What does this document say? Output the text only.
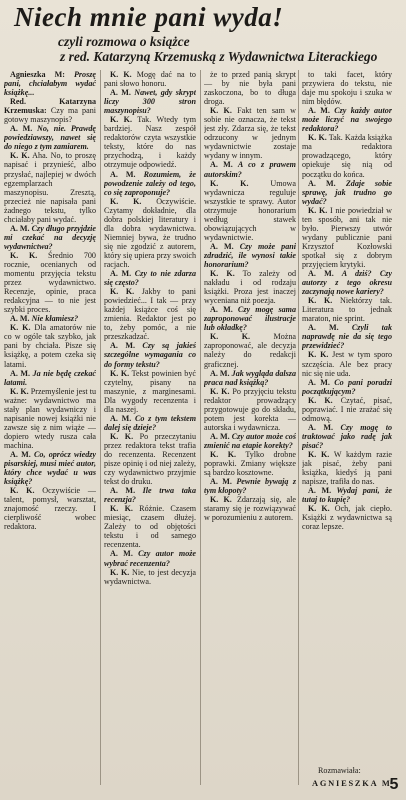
Niech mnie pani wyda!
czyli rozmowa o książce
z red. Katarzyną Krzemuską z Wydawnictwa Literackiego

Agnieszka M: Proszę pani, chciałabym wydać książkę...

Red. Katarzyna Krzemuska: Czy ma pani gotowy maszynopis?

A. M. No, nie. Prawdę powiedziawszy, nawet się do niego z tym zamiarem.

K. K. Aha. No, to proszę napisać i przynieść, albo przysłać, najlepiej w dwóch egzemplarzach maszynopisu. Zresztą, przecież nie napisała pani żadnego tekstu, tylko chciałaby pani wydać.

A. M. Czy długo przyjdzie mi czekać na decyzję wydawnictwa?

K. K. Średnio 700 rocznie, ocenianych od momentu przyjęcia tekstu przez wydawnictwo. Recenzje, opinie, praca redakcyjna — to nie jest szybki proces.

A. M. Nie kłamiesz?

K. K. Dla amatorów nie co w ogóle tak szybko, jak pani by chciała. Pisze się książkę, a potem czeka się latami.

A. M. Ja nie będę czekać latami.

K. K. Przemyślenie jest tu ważne: wydawnictwo ma stały plan wydawniczy i napisanie nowej książki nie zawsze się z nim wiąże — dopiero wtedy rusza cała machina.

A. M. Co, oprócz wiedzy pisarskiej, musi mieć autor, który chce wydać u was książkę?

K. K. Oczywiście — talent, pomysł, warsztat, znajomość rzeczy. I cierpliwość wobec redaktora.

K. K. Mogę dać na to pani słowo honoru.

A. M. Nawet, gdy skrypt liczy 300 stron maszynopisu?

K. K. Tak. Wtedy tym bardziej. Nasz zespół redaktorów czyta wszystkie teksty, które do nas przychodzą, i każdy otrzymuje odpowiedź.

A. M. Rozumiem, że powodzenie zależy od tego, co się zaproponuje?

K. K. Oczywiście. Czytamy dokładnie, dla dobra polskiej literatury i dla dobra wydawnictwa. Niemniej bywa, że trudno się nie zgodzić z autorem, który się upiera przy swoich racjach.

A. M. Czy to nie zdarza się często?

K. K. Jakby to pani powiedzieć... I tak — przy każdej książce coś się zmienia. Redaktor jest po to, żeby pomóc, a nie przeszkadzać.

A. M. Czy są jakieś szczególne wymagania co do formy tekstu?

K. K. Tekst powinien być czytelny, pisany na maszynie, z marginesami. Dla wygody recenzenta i dla naszej.

A. M. Co z tym tekstem dalej się dzieje?

K. K. Po przeczytaniu przez redaktora tekst trafia do recenzenta. Recenzent pisze opinię i od niej zależy, czy wydawnictwo przyjmie tekst do druku.

A. M. Ile trwa taka recenzja?

K. K. Różnie. Czasem miesiąc, czasem dłużej. Zależy to od objętości tekstu i od samego recenzenta.

A. M. Czy autor może wybrać recenzenta?

K. K. Nie, to jest decyzja wydawnictwa.

że to przed panią skrypt — by nie była pani zaskoczona, bo to długa droga.

K. K. Fakt ten sam w sobie nie oznacza, że tekst jest zły. Zdarza się, że tekst odrzucony w jednym wydawnictwie zostaje wydany w innym.

A. M. A co z prawem autorskim?

K. K. Umowa wydawnicza reguluje wszystkie te sprawy. Autor otrzymuje honorarium według stawek obowiązujących w wydawnictwie.

A. M. Czy może pani zdradzić, ile wynosi takie honorarium?

K. K. To zależy od nakładu i od rodzaju książki. Proza jest inaczej wyceniana niż poezja.

A. M. Czy mogę sama zaproponować ilustracje lub okładkę?

K. K. Można zaproponować, ale decyzja należy do redakcji graficznej.

A. M. Jak wygląda dalsza praca nad książką?

K. K. Po przyjęciu tekstu redaktor prowadzący przygotowuje go do składu, potem jest korekta — autorska i wydawnicza.

A. M. Czy autor może coś zmienić na etapie korekty?

K. K. Tylko drobne poprawki. Zmiany większe są bardzo kosztowne.

A. M. Pewnie bywają z tym kłopoty?

K. K. Zdarzają się, ale staramy się je rozwiązywać w porozumieniu z autorem.

to taki facet, który przywiera do tekstu, nie daje mu spokoju i szuka w nim błędów.

A. M. Czy każdy autor może liczyć na swojego redaktora?

K. K. Tak. Każda książka ma redaktora prowadzącego, który opiekuje się nią od początku do końca.

A. M. Zdaje sobie sprawę, jak trudno go wydać?

K. K. I nie powiedział w ten sposób, ani tak nie było. Pierwszy utwór wydany publicznie pani Krzysztof Kozłowski spotkał się z dobrym przyjęciem krytyki.

A. M. A dziś? Czy autorzy z tego okresu zaczynają nowe kariery?

K. K. Niektórzy tak. Literatura to jednak maraton, nie sprint.

A. M. Czyli tak naprawdę nie da się tego przewidzieć?

K. K. Jest w tym sporo szczęścia. Ale bez pracy nic się nie uda.

A. M. Co pani poradzi początkującym?

K. K. Czytać, pisać, poprawiać. I nie zrażać się odmową.

A. M. Czy mogę to traktować jako radę jak pisać?

K. K. W każdym razie jak pisać, żeby pani książka, kiedyś ją pani napisze, trafiła do nas.

A. M. Wydaj pani, że tutaj to kupię?

K. K. Och, jak ciepło. Książki z wydawnictwa są coraz lepsze.

Rozmawiała:
AGNIESZKA M
5
